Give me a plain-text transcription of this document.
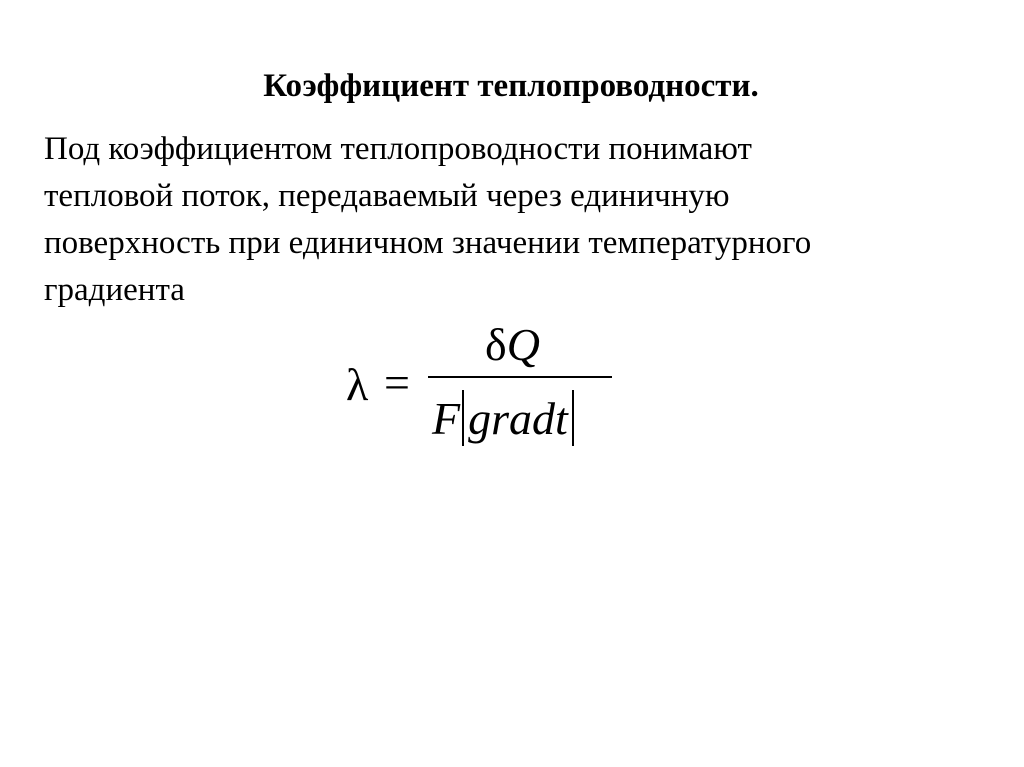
Коэффициент теплопроводности.
Под коэффициентом теплопроводности понимают
тепловой поток, передаваемый через единичную
поверхность при единичном значении температурного
градиента
λ =
δQ
F gradt
